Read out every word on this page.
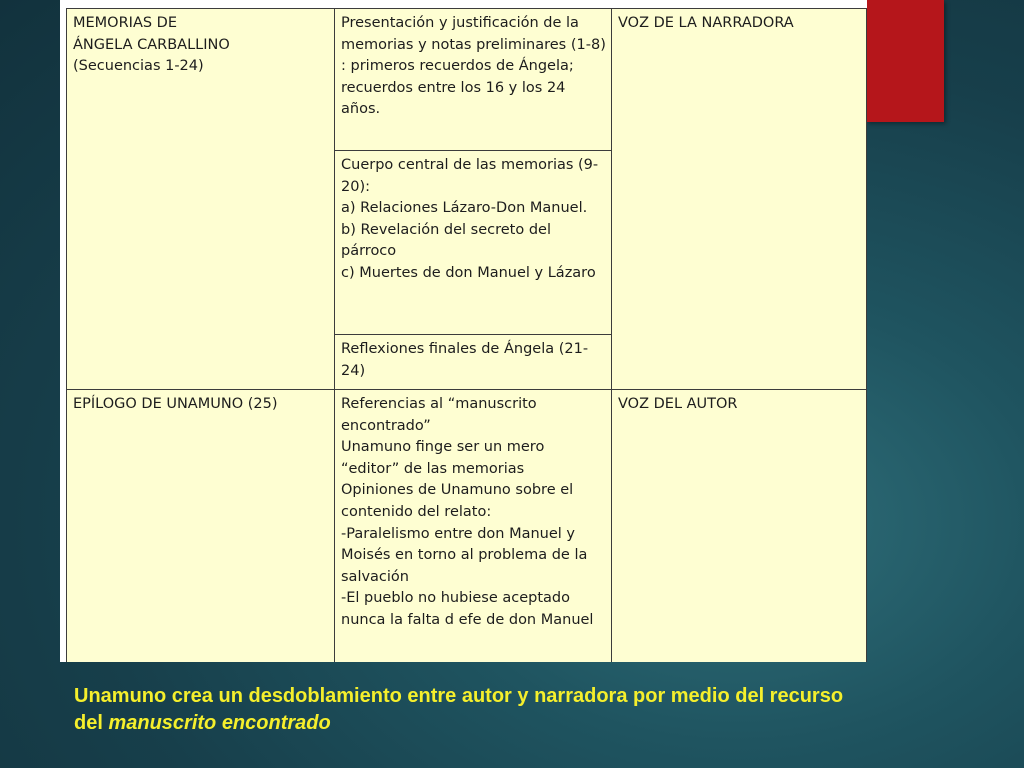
MEMORIAS DE
ÁNGELA CARBALLINO
(Secuencias 1-24)	Presentación y justificación de la memorias y notas preliminares (1-8) : primeros recuerdos de Ángela; recuerdos entre los 16 y los 24 años.	VOZ DE LA NARRADORA
	Cuerpo central de las memorias (9-20):
a) Relaciones Lázaro-Don Manuel.
b) Revelación del secreto del párroco
c) Muertes de don Manuel y Lázaro	
	Reflexiones finales de Ángela (21-24)	
EPÍLOGO DE UNAMUNO (25)	Referencias al “manuscrito encontrado”
Unamuno finge ser un mero “editor” de las memorias
Opiniones de Unamuno sobre el contenido del relato:
-Paralelismo entre don Manuel y Moisés en torno al problema de la salvación
-El pueblo no hubiese aceptado nunca la falta d efe de don Manuel	VOZ DEL AUTOR
Unamuno crea un desdoblamiento entre autor y narradora por medio del recurso del manuscrito encontrado
